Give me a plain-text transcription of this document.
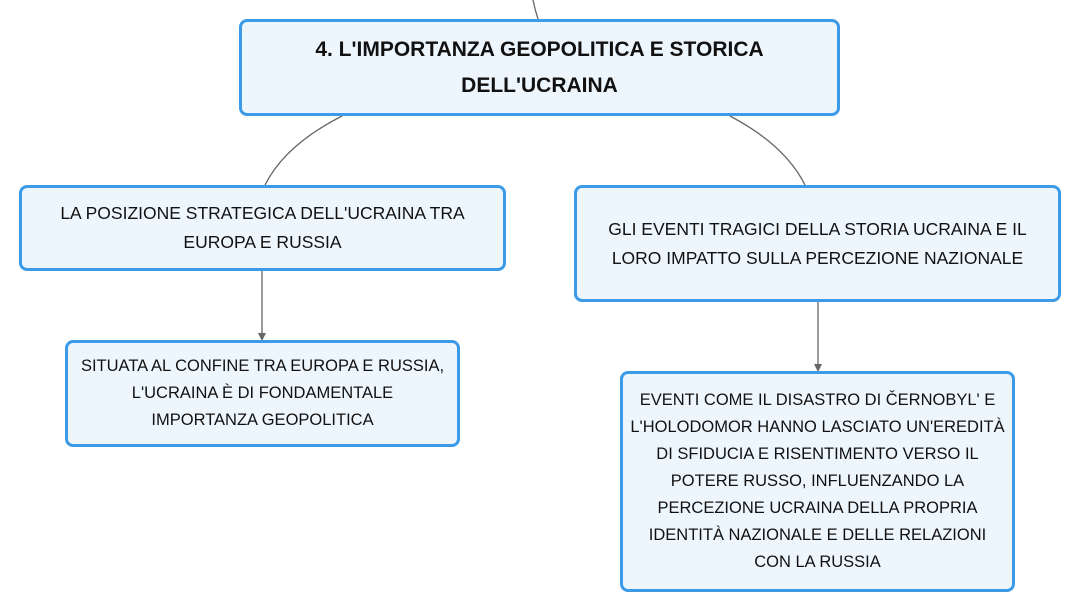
4. L'IMPORTANZA GEOPOLITICA E STORICA DELL'UCRAINA
LA POSIZIONE STRATEGICA DELL'UCRAINA TRA EUROPA E RUSSIA
GLI EVENTI TRAGICI DELLA STORIA UCRAINA E IL LORO IMPATTO SULLA PERCEZIONE NAZIONALE
SITUATA AL CONFINE TRA EUROPA E RUSSIA, L'UCRAINA È DI FONDAMENTALE IMPORTANZA GEOPOLITICA
EVENTI COME IL DISASTRO DI ČERNOBYL' E L'HOLODOMOR HANNO LASCIATO UN'EREDITÀ DI SFIDUCIA E RISENTIMENTO VERSO IL POTERE RUSSO, INFLUENZANDO LA PERCEZIONE UCRAINA DELLA PROPRIA IDENTITÀ NAZIONALE E DELLE RELAZIONI CON LA RUSSIA
